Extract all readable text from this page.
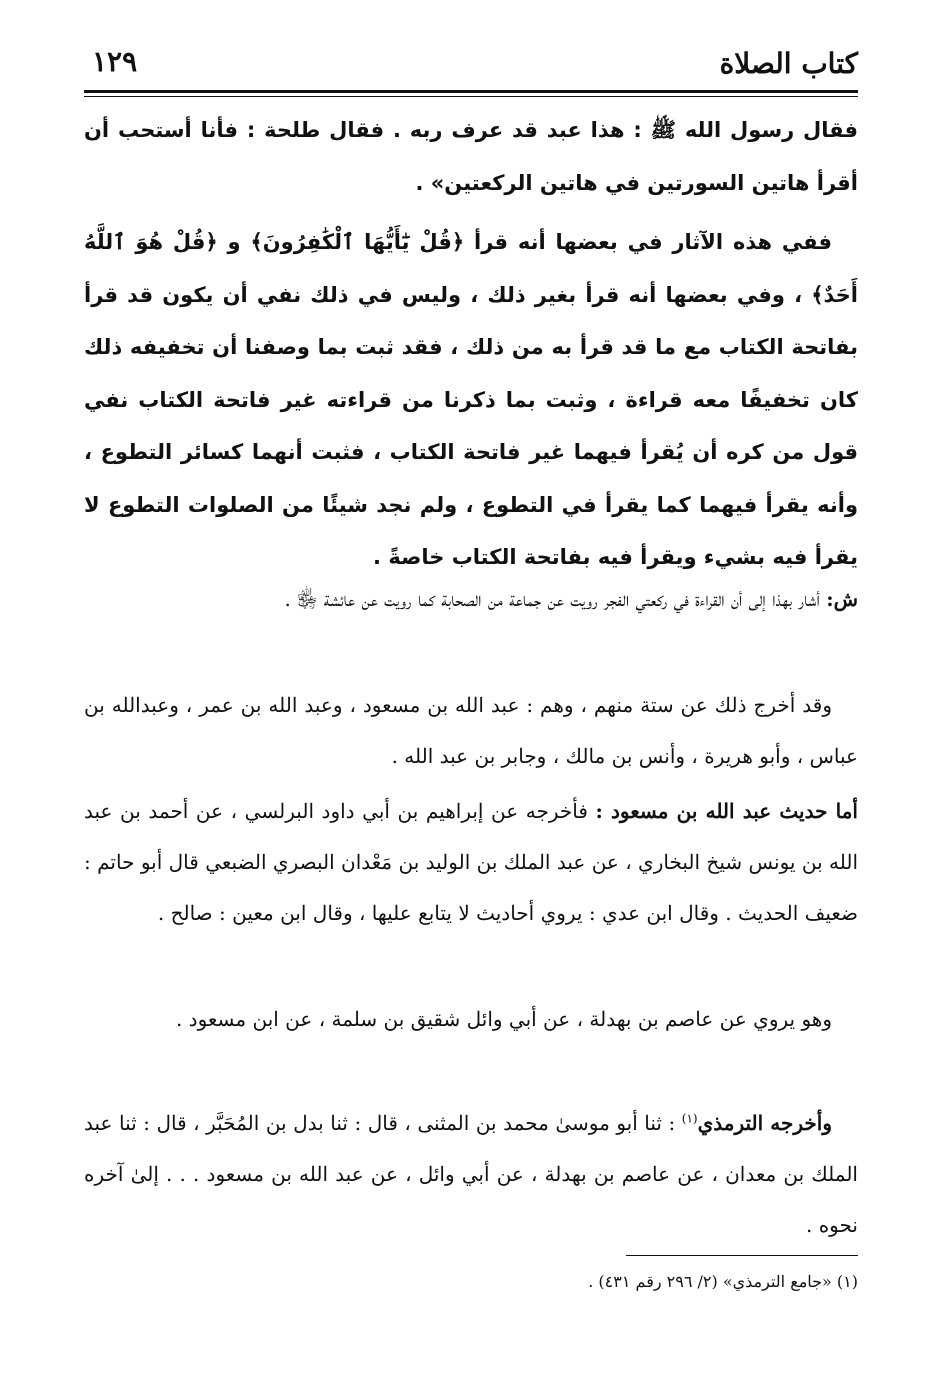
كتاب الصلاة
١٢٩

فقال رسول الله ﷺ : هذا عبد قد عرف ربه . فقال طلحة : فأنا أستحب أن أقرأ هاتين السورتين في هاتين الركعتين» .

ففي هذه الآثار في بعضها أنه قرأ ﴿قُلْ يَٰٓأَيُّهَا ٱلْكَٰفِرُونَ﴾ و ﴿قُلْ هُوَ ٱللَّهُ أَحَدٌ﴾ ، وفي بعضها أنه قرأ بغير ذلك ، وليس في ذلك نفي أن يكون قد قرأ بفاتحة الكتاب مع ما قد قرأ به من ذلك ، فقد ثبت بما وصفنا أن تخفيفه ذلك كان تخفيفًا معه قراءة ، وثبت بما ذكرنا من قراءته غير فاتحة الكتاب نفي قول من كره أن يُقرأ فيهما غير فاتحة الكتاب ، فثبت أنهما كسائر التطوع ، وأنه يقرأ فيهما كما يقرأ في التطوع ، ولم نجد شيئًا من الصلوات التطوع لا يقرأ فيه بشيء ويقرأ فيه بفاتحة الكتاب خاصةً .

ش: أشار بهذا إلى أن القراءة في ركعتي الفجر رويت عن جماعة من الصحابة كما رويت عن عائشة ﵂ .

وقد أخرج ذلك عن ستة منهم ، وهم : عبد الله بن مسعود ، وعبد الله بن عمر ، وعبدالله بن عباس ، وأبو هريرة ، وأنس بن مالك ، وجابر بن عبد الله .

أما حديث عبد الله بن مسعود : فأخرجه عن إبراهيم بن أبي داود البرلسي ، عن أحمد بن عبد الله بن يونس شيخ البخاري ، عن عبد الملك بن الوليد بن مَعْدان البصري الضبعي قال أبو حاتم : ضعيف الحديث . وقال ابن عدي : يروي أحاديث لا يتابع عليها ، وقال ابن معين : صالح .

وهو يروي عن عاصم بن بهدلة ، عن أبي وائل شقيق بن سلمة ، عن ابن مسعود .

وأخرجه الترمذي$^{(١)}$ : ثنا أبو موسىٰ محمد بن المثنى ، قال : ثنا بدل بن المُحَبَّر ، قال : ثنا عبد الملك بن معدان ، عن عاصم بن بهدلة ، عن أبي وائل ، عن عبد الله بن مسعود . . . إلىٰ آخره نحوه .

(١) «جامع الترمذي» (٢/ ٢٩٦ رقم ٤٣١) .
